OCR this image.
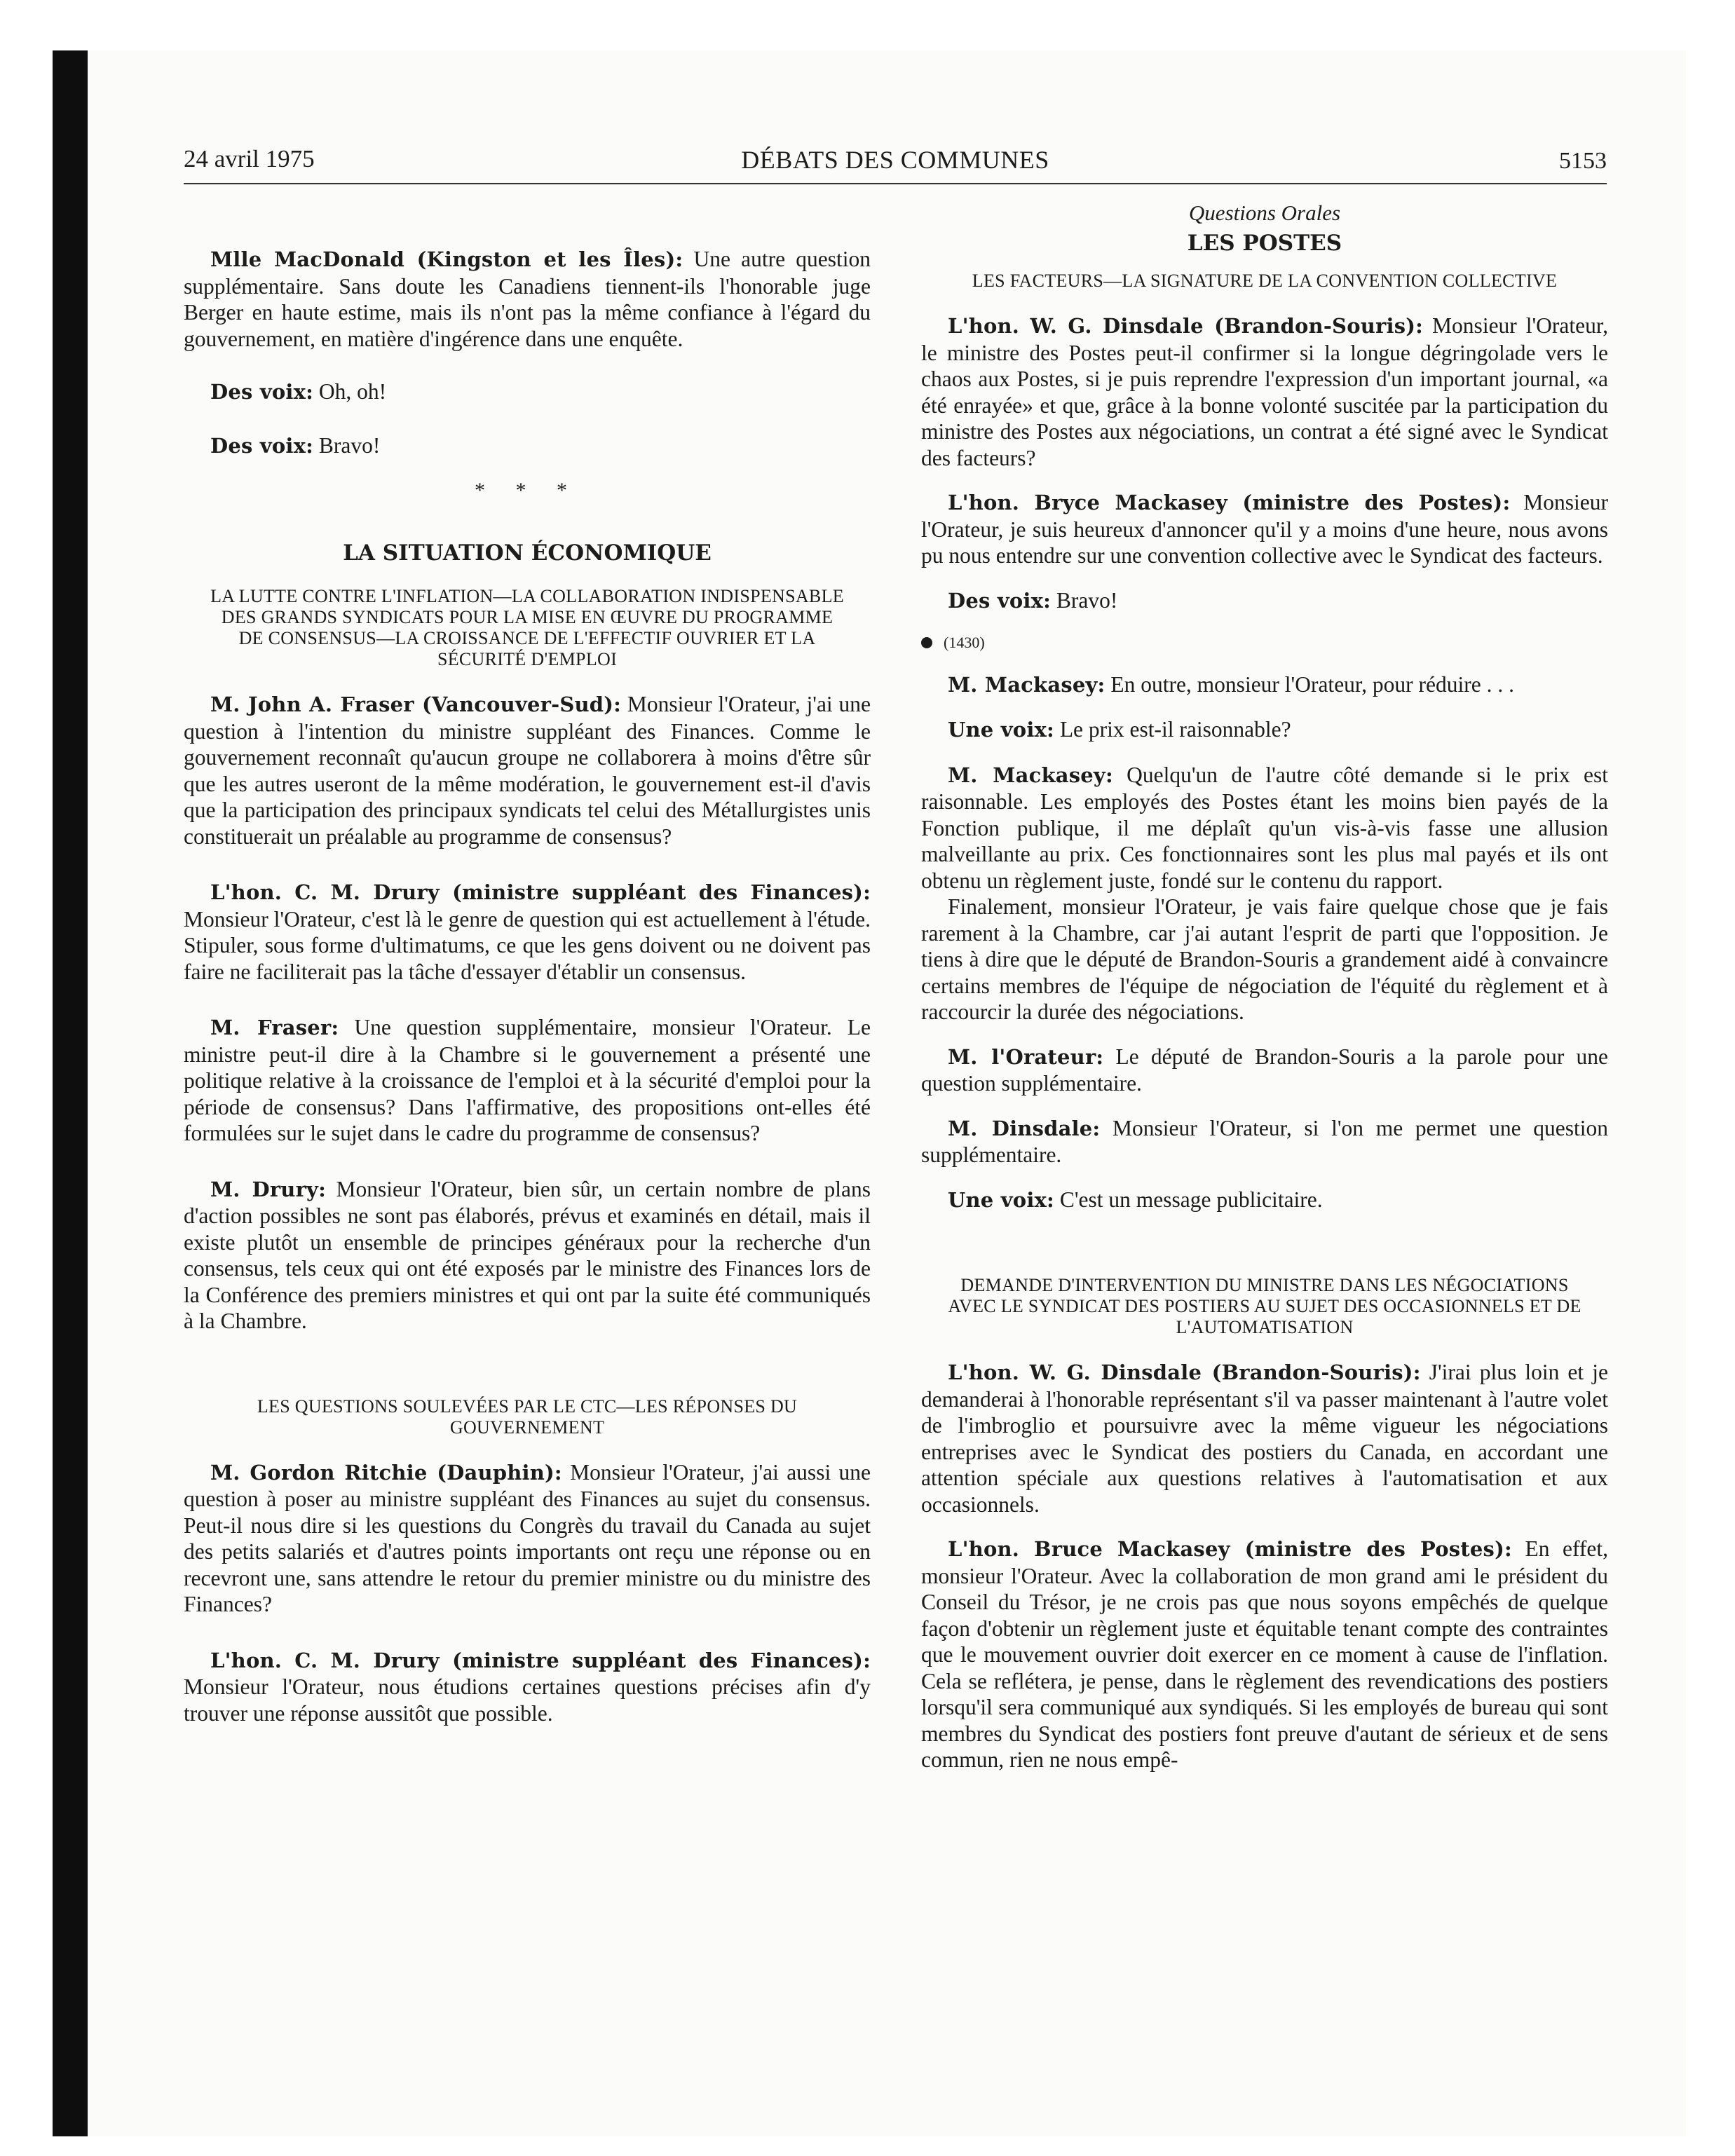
24 avril 1975	DÉBATS DES COMMUNES	5153

Mlle MacDonald (Kingston et les Îles): Une autre question supplémentaire. Sans doute les Canadiens tiennent-ils l'honorable juge Berger en haute estime, mais ils n'ont pas la même confiance à l'égard du gouvernement, en matière d'ingérence dans une enquête.

Des voix: Oh, oh!

Des voix: Bravo!

* * *

LA SITUATION ÉCONOMIQUE

LA LUTTE CONTRE L'INFLATION—LA COLLABORATION INDISPENSABLE DES GRANDS SYNDICATS POUR LA MISE EN ŒUVRE DU PROGRAMME DE CONSENSUS—LA CROISSANCE DE L'EFFECTIF OUVRIER ET LA SÉCURITÉ D'EMPLOI

M. John A. Fraser (Vancouver-Sud): Monsieur l'Orateur, j'ai une question à l'intention du ministre suppléant des Finances. Comme le gouvernement reconnaît qu'aucun groupe ne collaborera à moins d'être sûr que les autres useront de la même modération, le gouvernement est-il d'avis que la participation des principaux syndicats tel celui des Métallurgistes unis constituerait un préalable au programme de consensus?

L'hon. C. M. Drury (ministre suppléant des Finances): Monsieur l'Orateur, c'est là le genre de question qui est actuellement à l'étude. Stipuler, sous forme d'ultimatums, ce que les gens doivent ou ne doivent pas faire ne faciliterait pas la tâche d'essayer d'établir un consensus.

M. Fraser: Une question supplémentaire, monsieur l'Orateur. Le ministre peut-il dire à la Chambre si le gouvernement a présenté une politique relative à la croissance de l'emploi et à la sécurité d'emploi pour la période de consensus? Dans l'affirmative, des propositions ont-elles été formulées sur le sujet dans le cadre du programme de consensus?

M. Drury: Monsieur l'Orateur, bien sûr, un certain nombre de plans d'action possibles ne sont pas élaborés, prévus et examinés en détail, mais il existe plutôt un ensemble de principes généraux pour la recherche d'un consensus, tels ceux qui ont été exposés par le ministre des Finances lors de la Conférence des premiers ministres et qui ont par la suite été communiqués à la Chambre.

LES QUESTIONS SOULEVÉES PAR LE CTC—LES RÉPONSES DU GOUVERNEMENT

M. Gordon Ritchie (Dauphin): Monsieur l'Orateur, j'ai aussi une question à poser au ministre suppléant des Finances au sujet du consensus. Peut-il nous dire si les questions du Congrès du travail du Canada au sujet des petits salariés et d'autres points importants ont reçu une réponse ou en recevront une, sans attendre le retour du premier ministre ou du ministre des Finances?

L'hon. C. M. Drury (ministre suppléant des Finances): Monsieur l'Orateur, nous étudions certaines questions précises afin d'y trouver une réponse aussitôt que possible.

Questions Orales

LES POSTES

LES FACTEURS—LA SIGNATURE DE LA CONVENTION COLLECTIVE

L'hon. W. G. Dinsdale (Brandon-Souris): Monsieur l'Orateur, le ministre des Postes peut-il confirmer si la longue dégringolade vers le chaos aux Postes, si je puis reprendre l'expression d'un important journal, «a été enrayée» et que, grâce à la bonne volonté suscitée par la participation du ministre des Postes aux négociations, un contrat a été signé avec le Syndicat des facteurs?

L'hon. Bryce Mackasey (ministre des Postes): Monsieur l'Orateur, je suis heureux d'annoncer qu'il y a moins d'une heure, nous avons pu nous entendre sur une convention collective avec le Syndicat des facteurs.

Des voix: Bravo!

(1430)

M. Mackasey: En outre, monsieur l'Orateur, pour réduire . . .

Une voix: Le prix est-il raisonnable?

M. Mackasey: Quelqu'un de l'autre côté demande si le prix est raisonnable. Les employés des Postes étant les moins bien payés de la Fonction publique, il me déplaît qu'un vis-à-vis fasse une allusion malveillante au prix. Ces fonctionnaires sont les plus mal payés et ils ont obtenu un règlement juste, fondé sur le contenu du rapport.

Finalement, monsieur l'Orateur, je vais faire quelque chose que je fais rarement à la Chambre, car j'ai autant l'esprit de parti que l'opposition. Je tiens à dire que le député de Brandon-Souris a grandement aidé à convaincre certains membres de l'équipe de négociation de l'équité du règlement et à raccourcir la durée des négociations.

M. l'Orateur: Le député de Brandon-Souris a la parole pour une question supplémentaire.

M. Dinsdale: Monsieur l'Orateur, si l'on me permet une question supplémentaire.

Une voix: C'est un message publicitaire.

DEMANDE D'INTERVENTION DU MINISTRE DANS LES NÉGOCIATIONS AVEC LE SYNDICAT DES POSTIERS AU SUJET DES OCCASIONNELS ET DE L'AUTOMATISATION

L'hon. W. G. Dinsdale (Brandon-Souris): J'irai plus loin et je demanderai à l'honorable représentant s'il va passer maintenant à l'autre volet de l'imbroglio et poursuivre avec la même vigueur les négociations entreprises avec le Syndicat des postiers du Canada, en accordant une attention spéciale aux questions relatives à l'automatisation et aux occasionnels.

L'hon. Bruce Mackasey (ministre des Postes): En effet, monsieur l'Orateur. Avec la collaboration de mon grand ami le président du Conseil du Trésor, je ne crois pas que nous soyons empêchés de quelque façon d'obtenir un règlement juste et équitable tenant compte des contraintes que le mouvement ouvrier doit exercer en ce moment à cause de l'inflation. Cela se reflétera, je pense, dans le règlement des revendications des postiers lorsqu'il sera communiqué aux syndiqués. Si les employés de bureau qui sont membres du Syndicat des postiers font preuve d'autant de sérieux et de sens commun, rien ne nous empê-
